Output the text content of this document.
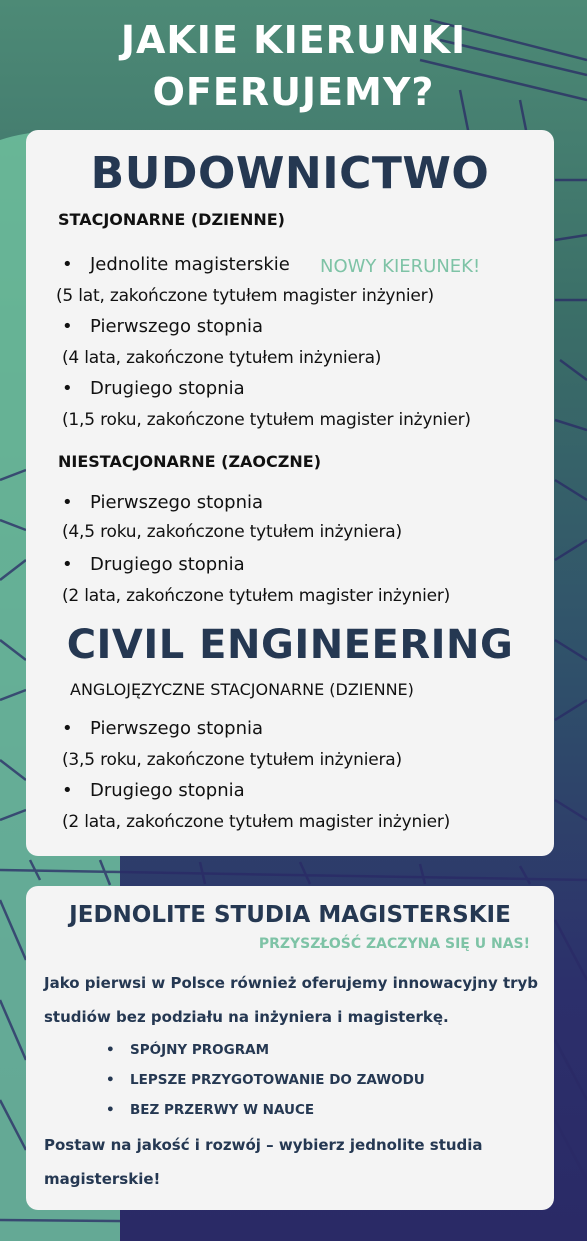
JAKIE KIERUNKI
OFERUJEMY?
BUDOWNICTWO
STACJONARNE (DZIENNE)
• Jednolite magisterskie NOWY KIERUNEK!
(5 lat, zakończone tytułem magister inżynier)
• Pierwszego stopnia
(4 lata, zakończone tytułem inżyniera)
• Drugiego stopnia
(1,5 roku, zakończone tytułem magister inżynier)
NIESTACJONARNE (ZAOCZNE)
• Pierwszego stopnia
(4,5 roku, zakończone tytułem inżyniera)
• Drugiego stopnia
(2 lata, zakończone tytułem magister inżynier)
CIVIL ENGINEERING
ANGLOJĘZYCZNE STACJONARNE (DZIENNE)
• Pierwszego stopnia
(3,5 roku, zakończone tytułem inżyniera)
• Drugiego stopnia
(2 lata, zakończone tytułem magister inżynier)
JEDNOLITE STUDIA MAGISTERSKIE
PRZYSZŁOŚĆ ZACZYNA SIĘ U NAS!
Jako pierwsi w Polsce również oferujemy innowacyjny tryb studiów bez podziału na inżyniera i magisterkę.
• SPÓJNY PROGRAM
• LEPSZE PRZYGOTOWANIE DO ZAWODU
• BEZ PRZERWY W NAUCE
Postaw na jakość i rozwój – wybierz jednolite studia magisterskie!
